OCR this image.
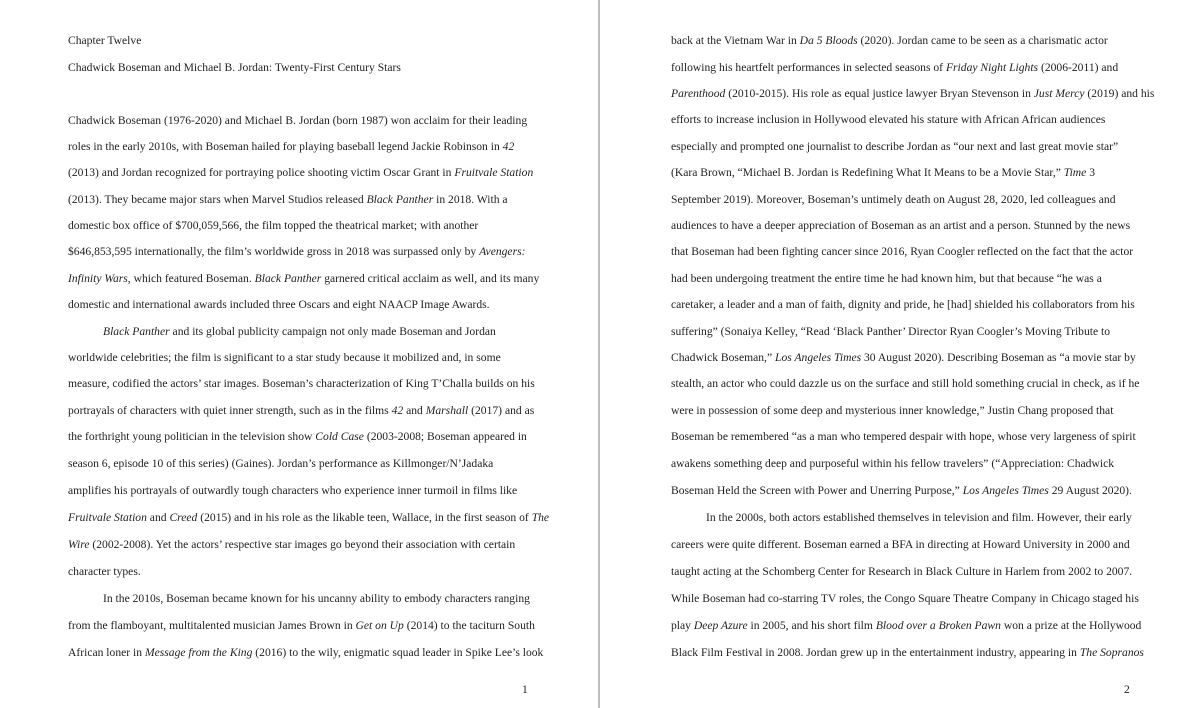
Chapter Twelve
Chadwick Boseman and Michael B. Jordan: Twenty-First Century Stars
Chadwick Boseman (1976-2020) and Michael B. Jordan (born 1987) won acclaim for their leading
roles in the early 2010s, with Boseman hailed for playing baseball legend Jackie Robinson in 42
(2013) and Jordan recognized for portraying police shooting victim Oscar Grant in Fruitvale Station
(2013). They became major stars when Marvel Studios released Black Panther in 2018. With a
domestic box office of $700,059,566, the film topped the theatrical market; with another
$646,853,595 internationally, the film’s worldwide gross in 2018 was surpassed only by Avengers:
Infinity Wars, which featured Boseman. Black Panther garnered critical acclaim as well, and its many
domestic and international awards included three Oscars and eight NAACP Image Awards.
Black Panther and its global publicity campaign not only made Boseman and Jordan
worldwide celebrities; the film is significant to a star study because it mobilized and, in some
measure, codified the actors’ star images. Boseman’s characterization of King T’Challa builds on his
portrayals of characters with quiet inner strength, such as in the films 42 and Marshall (2017) and as
the forthright young politician in the television show Cold Case (2003-2008; Boseman appeared in
season 6, episode 10 of this series) (Gaines). Jordan’s performance as Killmonger/N’Jadaka
amplifies his portrayals of outwardly tough characters who experience inner turmoil in films like
Fruitvale Station and Creed (2015) and in his role as the likable teen, Wallace, in the first season of The
Wire (2002-2008). Yet the actors’ respective star images go beyond their association with certain
character types.
In the 2010s, Boseman became known for his uncanny ability to embody characters ranging
from the flamboyant, multitalented musician James Brown in Get on Up (2014) to the taciturn South
African loner in Message from the King (2016) to the wily, enigmatic squad leader in Spike Lee’s look
1
back at the Vietnam War in Da 5 Bloods (2020). Jordan came to be seen as a charismatic actor
following his heartfelt performances in selected seasons of Friday Night Lights (2006-2011) and
Parenthood (2010-2015). His role as equal justice lawyer Bryan Stevenson in Just Mercy (2019) and his
efforts to increase inclusion in Hollywood elevated his stature with African African audiences
especially and prompted one journalist to describe Jordan as “our next and last great movie star”
(Kara Brown, “Michael B. Jordan is Redefining What It Means to be a Movie Star,” Time 3
September 2019). Moreover, Boseman’s untimely death on August 28, 2020, led colleagues and
audiences to have a deeper appreciation of Boseman as an artist and a person. Stunned by the news
that Boseman had been fighting cancer since 2016, Ryan Coogler reflected on the fact that the actor
had been undergoing treatment the entire time he had known him, but that because “he was a
caretaker, a leader and a man of faith, dignity and pride, he [had] shielded his collaborators from his
suffering” (Sonaiya Kelley, “Read ‘Black Panther’ Director Ryan Coogler’s Moving Tribute to
Chadwick Boseman,” Los Angeles Times 30 August 2020). Describing Boseman as “a movie star by
stealth, an actor who could dazzle us on the surface and still hold something crucial in check, as if he
were in possession of some deep and mysterious inner knowledge,” Justin Chang proposed that
Boseman be remembered “as a man who tempered despair with hope, whose very largeness of spirit
awakens something deep and purposeful within his fellow travelers” (“Appreciation: Chadwick
Boseman Held the Screen with Power and Unerring Purpose,” Los Angeles Times 29 August 2020).
In the 2000s, both actors established themselves in television and film. However, their early
careers were quite different. Boseman earned a BFA in directing at Howard University in 2000 and
taught acting at the Schomberg Center for Research in Black Culture in Harlem from 2002 to 2007.
While Boseman had co-starring TV roles, the Congo Square Theatre Company in Chicago staged his
play Deep Azure in 2005, and his short film Blood over a Broken Pawn won a prize at the Hollywood
Black Film Festival in 2008. Jordan grew up in the entertainment industry, appearing in The Sopranos
2
